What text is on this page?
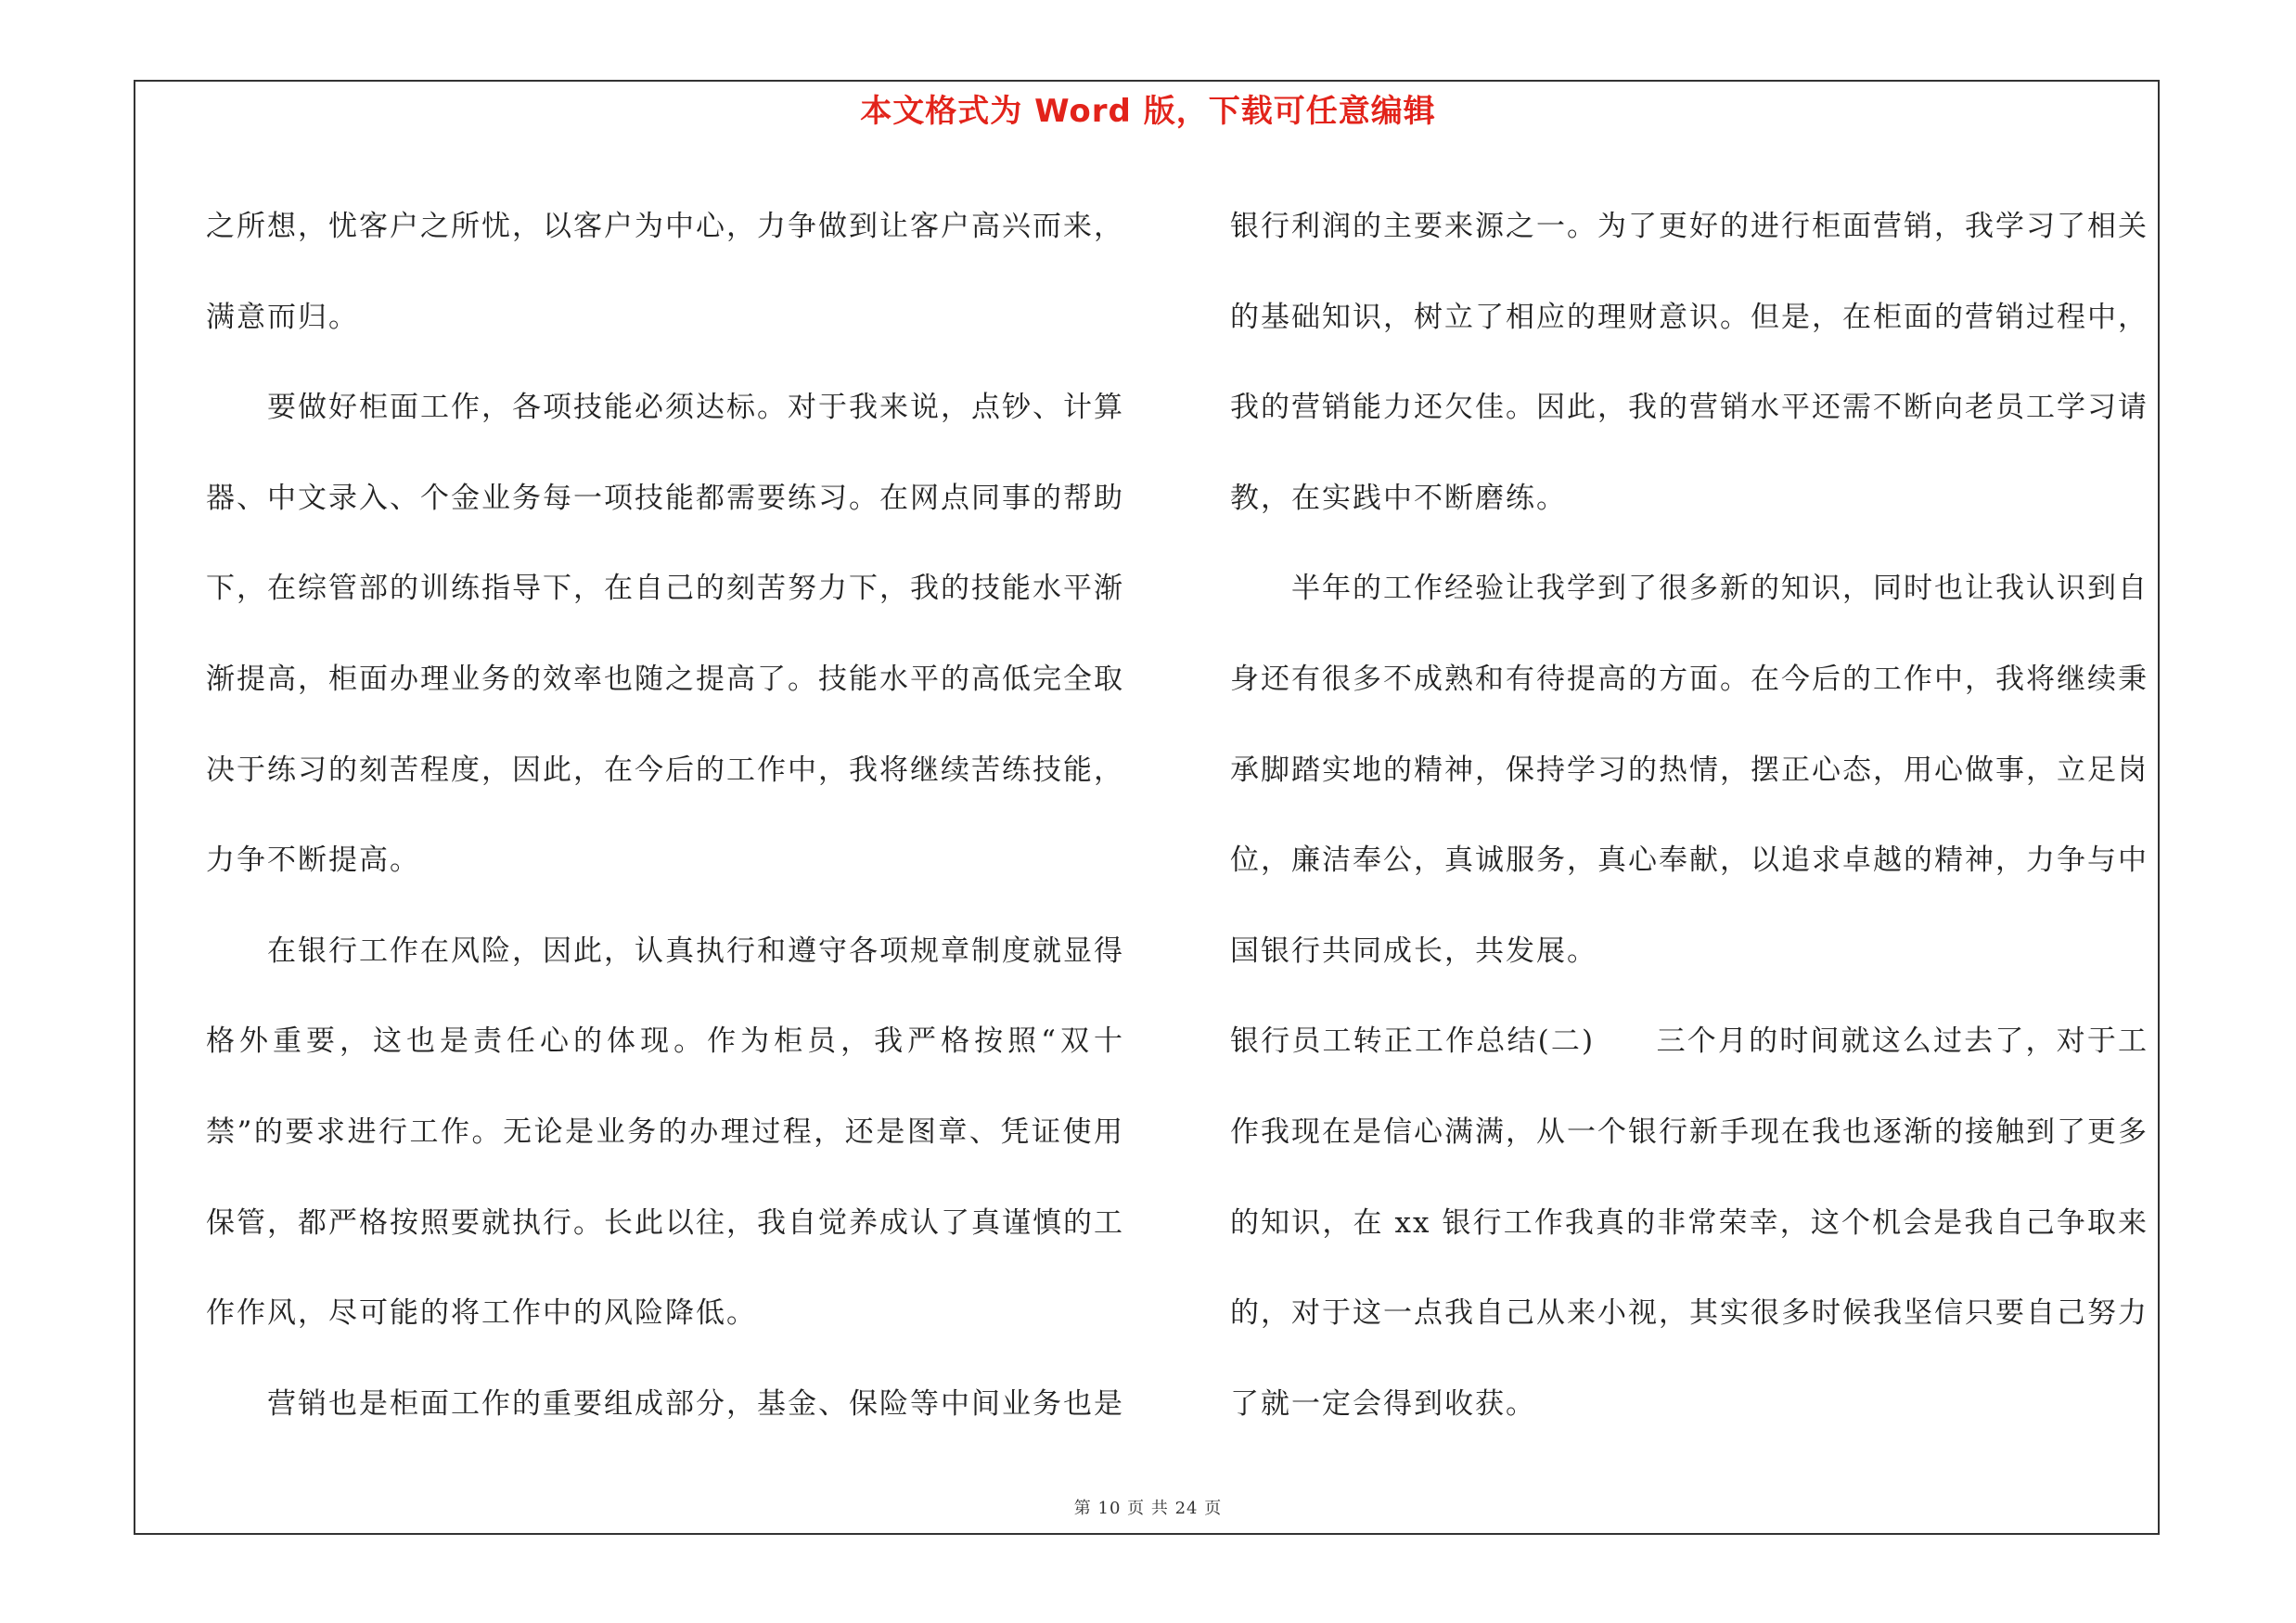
本文格式为 Word 版，下载可任意编辑

之所想，忧客户之所忧，以客户为中心，力争做到让客户高兴而来，满意而归。

要做好柜面工作，各项技能必须达标。对于我来说，点钞、计算器、中文录入、个金业务每一项技能都需要练习。在网点同事的帮助下，在综管部的训练指导下，在自己的刻苦努力下，我的技能水平渐渐提高，柜面办理业务的效率也随之提高了。技能水平的高低完全取决于练习的刻苦程度，因此，在今后的工作中，我将继续苦练技能，力争不断提高。

在银行工作在风险，因此，认真执行和遵守各项规章制度就显得格外重要，这也是责任心的体现。作为柜员，我严格按照“双十禁”的要求进行工作。无论是业务的办理过程，还是图章、凭证使用保管，都严格按照要就执行。长此以往，我自觉养成认了真谨慎的工作作风，尽可能的将工作中的风险降低。

营销也是柜面工作的重要组成部分，基金、保险等中间业务也是

银行利润的主要来源之一。为了更好的进行柜面营销，我学习了相关的基础知识，树立了相应的理财意识。但是，在柜面的营销过程中，我的营销能力还欠佳。因此，我的营销水平还需不断向老员工学习请教，在实践中不断磨练。

半年的工作经验让我学到了很多新的知识，同时也让我认识到自身还有很多不成熟和有待提高的方面。在今后的工作中，我将继续秉承脚踏实地的精神，保持学习的热情，摆正心态，用心做事，立足岗位，廉洁奉公，真诚服务，真心奉献，以追求卓越的精神，力争与中国银行共同成长，共发展。

银行员工转正工作总结(二)　　三个月的时间就这么过去了，对于工作我现在是信心满满，从一个银行新手现在我也逐渐的接触到了更多的知识，在 xx 银行工作我真的非常荣幸，这个机会是我自己争取来的，对于这一点我自己从来小视，其实很多时候我坚信只要自己努力了就一定会得到收获。

第 10 页 共 24 页
